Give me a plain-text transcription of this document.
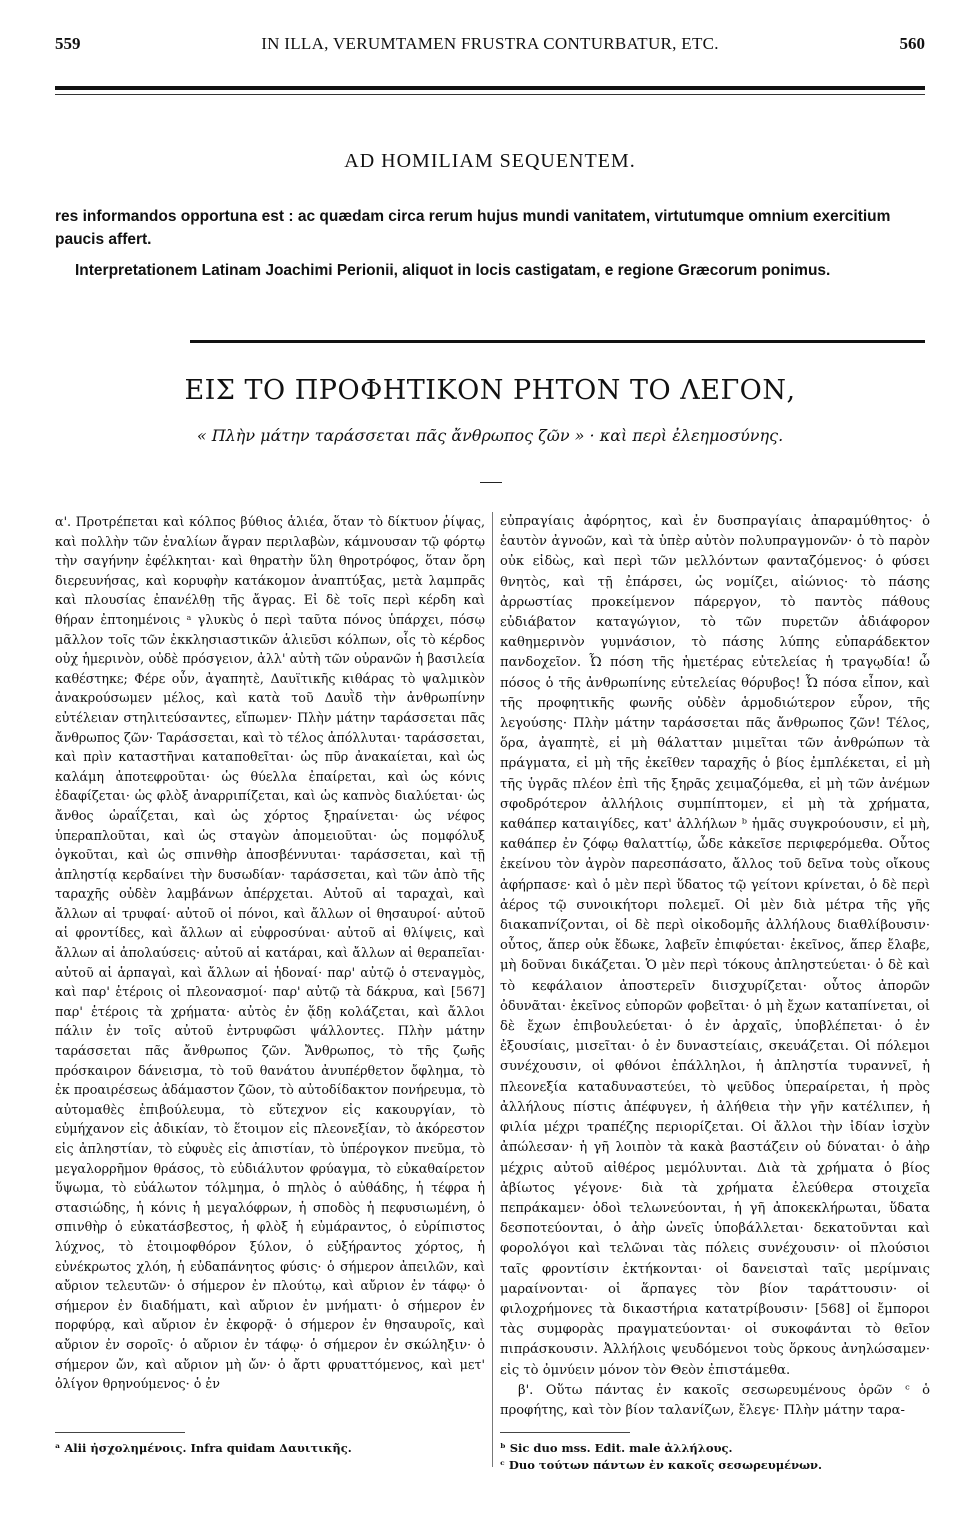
559	IN ILLA, VERUMTAMEN FRUSTRA CONTURBATUR, ETC.	560
AD HOMILIAM SEQUENTEM.

res informandos opportuna est : ac quædam circa rerum hujus mundi vanitatem, virtutumque omnium exercitium paucis affert.

Interpretationem Latinam Joachimi Perionii, aliquot in locis castigatam, e regione Græcorum ponimus.

ΕΙΣ ΤΟ ΠΡΟΦΗΤΙΚΟΝ ΡΗΤΟΝ ΤΟ ΛΕΓΟΝ,
« Πλὴν μάτην ταράσσεται πᾶς ἄνθρωπος ζῶν » · καὶ περὶ ἐλεημοσύνης.

α'. Προτρέπεται καὶ κόλπος βύθιος ἁλιέα, ὅταν τὸ δίκτυον ῥίψας, καὶ πολλὴν τῶν ἐναλίων ἄγραν περιλαβὼν, κάμνουσαν τῷ φόρτῳ τὴν σαγήνην ἐφέλκηται· καὶ θηρατὴν ὕλη θηροτρόφος, ὅταν ὄρη διερευνήσας, καὶ κορυφὴν κατάκομον ἀναπτύξας, μετὰ λαμπρᾶς καὶ πλουσίας ἐπανέλθῃ τῆς ἄγρας. Εἰ δὲ τοῖς περὶ κέρδη καὶ θήραν ἐπτοημένοις ᵃ γλυκὺς ὁ περὶ ταῦτα πόνος ὑπάρχει, πόσῳ μᾶλλον τοῖς τῶν ἐκκλησιαστικῶν ἁλιεῦσι κόλπων, οἷς τὸ κέρδος οὐχ ἡμερινὸν, οὐδὲ πρόσγειον, ἀλλ' αὐτὴ τῶν οὐρανῶν ἡ βασιλεία καθέστηκε; Φέρε οὖν, ἀγαπητὲ, Δαυϊτικῆς κιθάρας τὸ ψαλμικὸν ἀνακρούσωμεν μέλος, καὶ κατὰ τοῦ Δαυῒδ τὴν ἀνθρωπίνην εὐτέλειαν στηλιτεύσαντες, εἴπωμεν· Πλὴν μάτην ταράσσεται πᾶς ἄνθρωπος ζῶν· Ταράσσεται, καὶ τὸ τέλος ἀπόλλυται· ταράσσεται, καὶ πρὶν καταστῆναι καταποθεῖται· ὡς πῦρ ἀνακαίεται, καὶ ὡς καλάμη ἀποτεφροῦται· ὡς θύελλα ἐπαίρεται, καὶ ὡς κόνις ἐδαφίζεται· ὡς φλὸξ ἀναρριπίζεται, καὶ ὡς καπνὸς διαλύεται· ὡς ἄνθος ὡραΐζεται, καὶ ὡς χόρτος ξηραίνεται· ὡς νέφος ὑπεραπλοῦται, καὶ ὡς σταγὼν ἀπομειοῦται· ὡς πομφόλυξ ὀγκοῦται, καὶ ὡς σπινθὴρ ἀποσβέννυται· ταράσσεται, καὶ τῇ ἀπληστίᾳ κερδαίνει τὴν δυσωδίαν· ταράσσεται, καὶ τῶν ἀπὸ τῆς ταραχῆς οὐδὲν λαμβάνων ἀπέρχεται. Αὐτοῦ αἱ ταραχαὶ, καὶ ἄλλων αἱ τρυφαί· αὐτοῦ οἱ πόνοι, καὶ ἄλλων οἱ θησαυροί· αὐτοῦ αἱ φροντίδες, καὶ ἄλλων αἱ εὐφροσύναι· αὐτοῦ αἱ θλίψεις, καὶ ἄλλων αἱ ἀπολαύσεις· αὐτοῦ αἱ κατάραι, καὶ ἄλλων αἱ θεραπεῖαι· αὐτοῦ αἱ ἁρπαγαὶ, καὶ ἄλλων αἱ ἡδοναί· παρ' αὐτῷ ὁ στεναγμὸς, καὶ παρ' ἑτέροις οἱ πλεονασμοί· παρ' αὐτῷ τὰ δάκρυα, καὶ [567] παρ' ἑτέροις τὰ χρήματα· αὐτὸς ἐν ᾅδῃ κολάζεται, καὶ ἄλλοι πάλιν ἐν τοῖς αὐτοῦ ἐντρυφῶσι ψάλλοντες. Πλὴν μάτην ταράσσεται πᾶς ἄνθρωπος ζῶν. Ἄνθρωπος, τὸ τῆς ζωῆς πρόσκαιρον δάνεισμα, τὸ τοῦ θανάτου ἀνυπέρθετον ὄφλημα, τὸ ἐκ προαιρέσεως ἀδάμαστον ζῶον, τὸ αὐτοδίδακτον πονήρευμα, τὸ αὐτομαθὲς ἐπιβούλευμα, τὸ εὔτεχνον εἰς κακουργίαν, τὸ εὐμήχανον εἰς ἀδικίαν, τὸ ἕτοιμον εἰς πλεονεξίαν, τὸ ἀκόρεστον εἰς ἀπληστίαν, τὸ εὐφυὲς εἰς ἀπιστίαν, τὸ ὑπέρογκον πνεῦμα, τὸ μεγαλορρῆμον θράσος, τὸ εὐδιάλυτον φρύαγμα, τὸ εὐκαθαίρετον ὕψωμα, τὸ εὐάλωτον τόλμημα, ὁ πηλὸς ὁ αὐθάδης, ἡ τέφρα ἡ στασιώδης, ἡ κόνις ἡ μεγαλόφρων, ἡ σποδὸς ἡ πεφυσιωμένη, ὁ σπινθὴρ ὁ εὐκατάσβεστος, ἡ φλὸξ ἡ εὐμάραντος, ὁ εὐρίπιστος λύχνος, τὸ ἑτοιμοφθόρον ξύλον, ὁ εὐξήραντος χόρτος, ἡ εὐνέκρωτος χλόη, ἡ εὐδαπάνητος φύσις· ὁ σήμερον ἀπειλῶν, καὶ αὔριον τελευτῶν· ὁ σήμερον ἐν πλούτῳ, καὶ αὔριον ἐν τάφῳ· ὁ σήμερον ἐν διαδήματι, καὶ αὔριον ἐν μνήματι· ὁ σήμερον ἐν πορφύρᾳ, καὶ αὔριον ἐν ἐκφορᾷ· ὁ σήμερον ἐν θησαυροῖς, καὶ αὔριον ἐν σοροῖς· ὁ αὔριον ἐν τάφῳ· ὁ σήμερον ἐν σκώληξιν· ὁ σήμερον ὤν, καὶ αὔριον μὴ ὤν· ὁ ἄρτι φρυαττόμενος, καὶ μετ' ὀλίγον θρηνούμενος· ὁ ἐν

εὐπραγίαις ἀφόρητος, καὶ ἐν δυσπραγίαις ἀπαραμύθητος· ὁ ἑαυτὸν ἀγνοῶν, καὶ τὰ ὑπὲρ αὐτὸν πολυπραγμονῶν· ὁ τὸ παρὸν οὐκ εἰδὼς, καὶ περὶ τῶν μελλόντων φανταζόμενος· ὁ φύσει θνητὸς, καὶ τῇ ἐπάρσει, ὡς νομίζει, αἰώνιος· τὸ πάσης ἀρρωστίας προκείμενον πάρεργον, τὸ παντὸς πάθους εὐδιάβατον καταγώγιον, τὸ τῶν πυρετῶν ἀδιάφορον καθημερινὸν γυμνάσιον, τὸ πάσης λύπης εὐπαράδεκτον πανδοχεῖον. Ὦ πόση τῆς ἡμετέρας εὐτελείας ἡ τραγῳδία! ὦ πόσος ὁ τῆς ἀνθρωπίνης εὐτελείας θόρυβος! Ὦ πόσα εἶπον, καὶ τῆς προφητικῆς φωνῆς οὐδὲν ἁρμοδιώτερον εὗρον, τῆς λεγούσης· Πλὴν μάτην ταράσσεται πᾶς ἄνθρωπος ζῶν! Τέλος, ὅρα, ἀγαπητὲ, εἰ μὴ θάλατταν μιμεῖται τῶν ἀνθρώπων τὰ πράγματα, εἰ μὴ τῆς ἐκεῖθεν ταραχῆς ὁ βίος ἐμπλέκεται, εἰ μὴ τῆς ὑγρᾶς πλέον ἐπὶ τῆς ξηρᾶς χειμαζόμεθα, εἰ μὴ τῶν ἀνέμων σφοδρότερον ἀλλήλοις συμπίπτομεν, εἰ μὴ τὰ χρήματα, καθάπερ καταιγίδες, κατ' ἀλλήλων ᵇ ἡμᾶς συγκρούουσιν, εἰ μὴ, καθάπερ ἐν ζόφῳ θαλαττίῳ, ὧδε κἀκεῖσε περιφερόμεθα. Οὗτος ἐκείνου τὸν ἀγρὸν παρεσπάσατο, ἄλλος τοῦ δεῖνα τοὺς οἴκους ἀφήρπασε· καὶ ὁ μὲν περὶ ὕδατος τῷ γείτονι κρίνεται, ὁ δὲ περὶ ἀέρος τῷ συνοικήτορι πολεμεῖ. Οἱ μὲν διὰ μέτρα τῆς γῆς διακαπνίζονται, οἱ δὲ περὶ οἰκοδομῆς ἀλλήλους διαθλίβουσιν· οὗτος, ἅπερ οὐκ ἔδωκε, λαβεῖν ἐπιφύεται· ἐκεῖνος, ἅπερ ἔλαβε, μὴ δοῦναι δικάζεται. Ὁ μὲν περὶ τόκους ἀπληστεύεται· ὁ δὲ καὶ τὸ κεφάλαιον ἀποστερεῖν διισχυρίζεται· οὗτος ἀπορῶν ὀδυνᾶται· ἐκεῖνος εὐπορῶν φοβεῖται· ὁ μὴ ἔχων καταπίνεται, οἱ δὲ ἔχων ἐπιβουλεύεται· ὁ ἐν ἀρχαῖς, ὑποβλέπεται· ὁ ἐν ἐξουσίαις, μισεῖται· ὁ ἐν δυναστείαις, σκευάζεται. Οἱ πόλεμοι συνέχουσιν, οἱ φθόνοι ἐπάλληλοι, ἡ ἀπληστία τυραννεῖ, ἡ πλεονεξία καταδυναστεύει, τὸ ψεῦδος ὑπεραίρεται, ἡ πρὸς ἀλλήλους πίστις ἀπέφυγεν, ἡ ἀλήθεια τὴν γῆν κατέλιπεν, ἡ φιλία μέχρι τραπέζης περιορίζεται. Οἱ ἄλλοι τὴν ἰδίαν ἰσχὺν ἀπώλεσαν· ἡ γῆ λοιπὸν τὰ κακὰ βαστάζειν οὐ δύναται· ὁ ἀὴρ μέχρις αὐτοῦ αἰθέρος μεμόλυνται. Διὰ τὰ χρήματα ὁ βίος ἀβίωτος γέγονε· διὰ τὰ χρήματα ἐλεύθερα στοιχεῖα πεπράκαμεν· ὁδοὶ τελωνεύονται, ἡ γῆ ἀποκεκλήρωται, ὕδατα δεσποτεύονται, ὁ ἀὴρ ὠνεῖς ὑποβάλλεται· δεκατοῦνται καὶ φορολόγοι καὶ τελῶναι τὰς πόλεις συνέχουσιν· οἱ πλούσιοι ταῖς φροντίσιν ἐκτήκονται· οἱ δανεισταὶ ταῖς μερίμναις μαραίνονται· οἱ ἅρπαγες τὸν βίον ταράττουσιν· οἱ φιλοχρήμονες τὰ δικαστήρια κατατρίβουσιν· [568] οἱ ἔμποροι τὰς συμφορὰς πραγματεύονται· οἱ συκοφάνται τὸ θεῖον πιπράσκουσιν. Ἀλλήλοις ψευδόμενοι τοὺς ὅρκους ἀνηλώσαμεν· εἰς τὸ ὀμνύειν μόνον τὸν Θεὸν ἐπιστάμεθα.

β'. Οὕτω πάντας ἐν κακοῖς σεσωρευμένους ὁρῶν ᶜ ὁ προφήτης, καὶ τὸν βίον ταλανίζων, ἔλεγε· Πλὴν μάτην ταρα-

ᵃ Alii ἠσχολημένοις. Infra quidam Δαυιτικῆς.	ᵇ Sic duo mss. Edit. male ἀλλήλους.
ᶜ Duo τούτων πάντων ἐν κακοῖς σεσωρευμένων.
